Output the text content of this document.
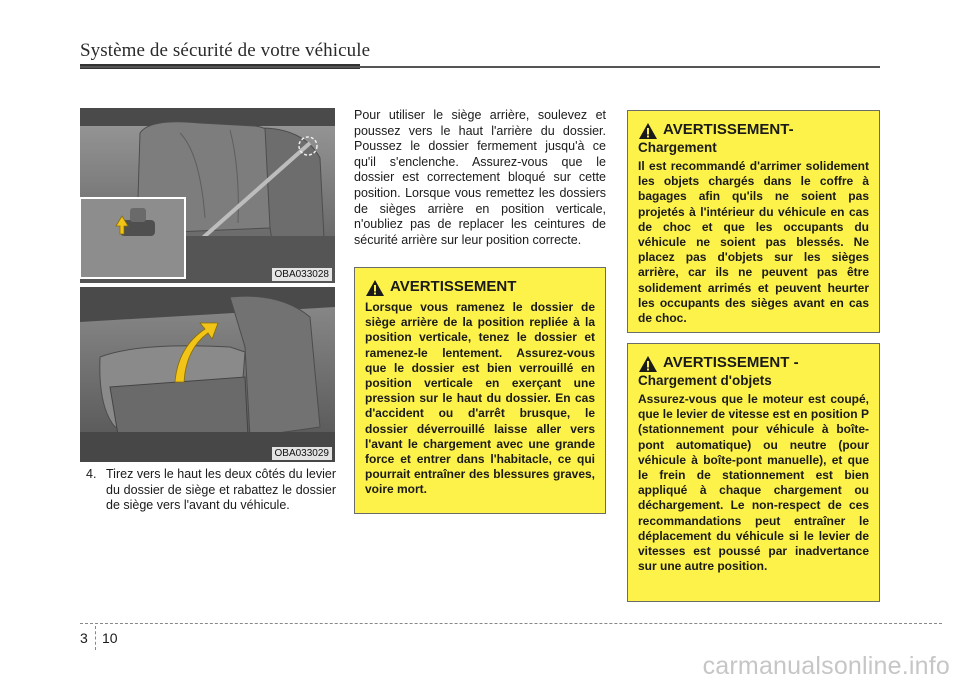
Système de sécurité de votre véhicule
OBA033028
OBA033029
4. Tirez vers le haut les deux côtés du levier du dossier de siège et rabattez le dossier de siège vers l'avant du véhicule.
Pour utiliser le siège arrière, soulevez et poussez vers le haut l'arrière du dossier. Poussez le dossier fermement jusqu'à ce qu'il s'enclenche. Assurez-vous que le dossier est correctement bloqué sur cette position. Lorsque vous remettez les dossiers de sièges arrière en position verticale, n'oubliez pas de replacer les ceintures de sécurité arrière sur leur position correcte.
AVERTISSEMENT
Lorsque vous ramenez le dossier de siège arrière de la position repliée à la position verticale, tenez le dossier et ramenez-le lentement. Assurez-vous que le dossier est bien verrouillé en position verticale en exerçant une pression sur le haut du dossier. En cas d'accident ou d'arrêt brusque, le dossier déverrouillé laisse aller vers l'avant le chargement avec une grande force et entrer dans l'habitacle, ce qui pourrait entraîner des blessures graves, voire mort.
AVERTISSEMENT-
Chargement
Il est recommandé d'arrimer solidement les objets chargés dans le coffre à bagages afin qu'ils ne soient pas projetés à l'intérieur du véhicule en cas de choc et que les occupants du véhicule ne soient pas blessés. Ne placez pas d'objets sur les sièges arrière, car ils ne peuvent pas être solidement arrimés et peuvent heurter les occupants des sièges avant en cas de choc.
AVERTISSEMENT -
Chargement d'objets
Assurez-vous que le moteur est coupé, que le levier de vitesse est en position P (stationnement pour véhicule à boîte-pont automatique) ou neutre (pour véhicule à boîte-pont manuelle), et que le frein de stationnement est bien appliqué à chaque chargement ou déchargement. Le non-respect de ces recommandations peut entraîner le déplacement du véhicule si le levier de vitesses est poussé par inadvertance sur une autre position.
3 10
carmanualsonline.info
